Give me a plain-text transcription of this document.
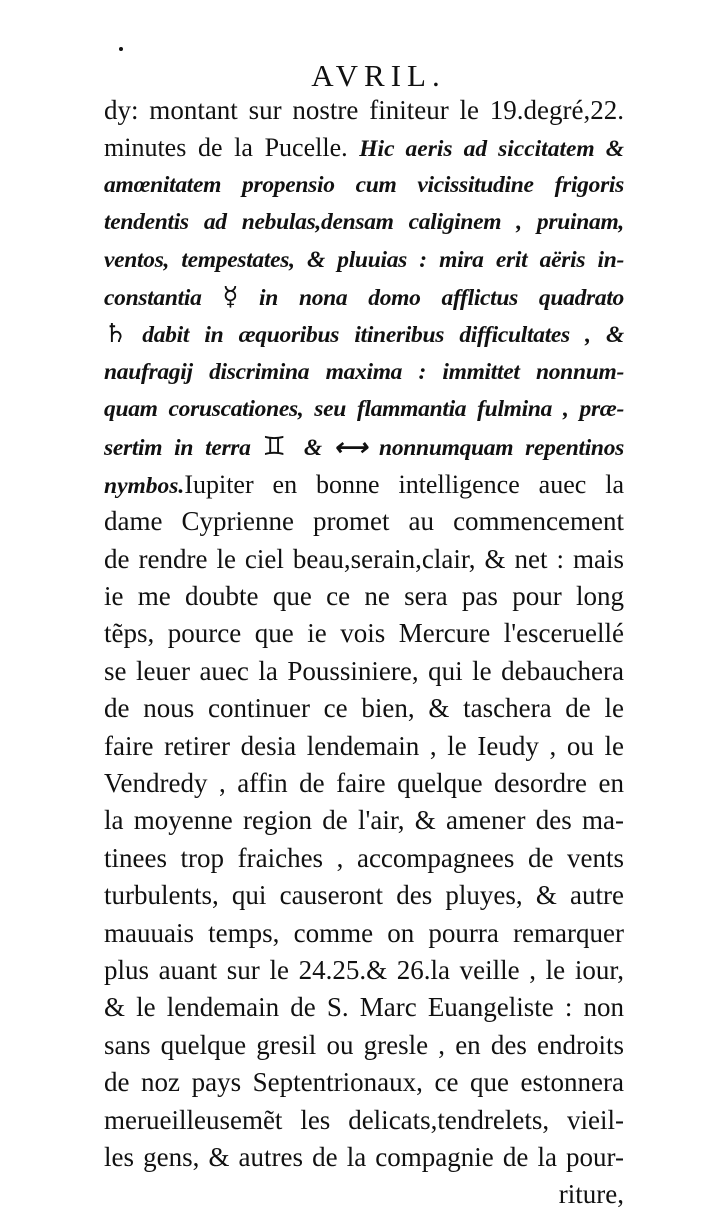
AVRIL.
dy: montant sur nostre finiteur le 19.degré,22.
minutes de la Pucelle. Hic aeris ad siccitatem &
amœnitatem propensio cum vicissitudine frigoris
tendentis ad nebulas,densam caliginem , pruinam,
ventos, tempestates, & pluuias : mira erit aëris in-
constantia ☿ in nona domo afflictus quadrato
♄ dabit in æquoribus itineribus difficultates , &
naufragij discrimina maxima : immittet nonnum-
quam coruscationes, seu flammantia fulmina , præ-
sertim in terra ♊ & ⟷ nonnumquam repentinos
nymbos.Iupiter en bonne intelligence auec la
dame Cyprienne promet au commencement
de rendre le ciel beau,serain,clair, & net : mais
ie me doubte que ce ne sera pas pour long
tẽps, pource que ie vois Mercure l'esceruellé
se leuer auec la Poussiniere, qui le debauchera
de nous continuer ce bien, & taschera de le
faire retirer desia lendemain , le Ieudy , ou le
Vendredy , affin de faire quelque desordre en
la moyenne region de l'air, & amener des ma-
tinees trop fraiches , accompagnees de vents
turbulents, qui causeront des pluyes, & autre
mauuais temps, comme on pourra remarquer
plus auant sur le 24.25.& 26.la veille , le iour,
& le lendemain de S. Marc Euangeliste : non
sans quelque gresil ou gresle , en des endroits
de noz pays Septentrionaux, ce que estonnera
merueilleusemẽt les delicats,tendrelets, vieil-
les gens, & autres de la compagnie de la pour-
riture,
